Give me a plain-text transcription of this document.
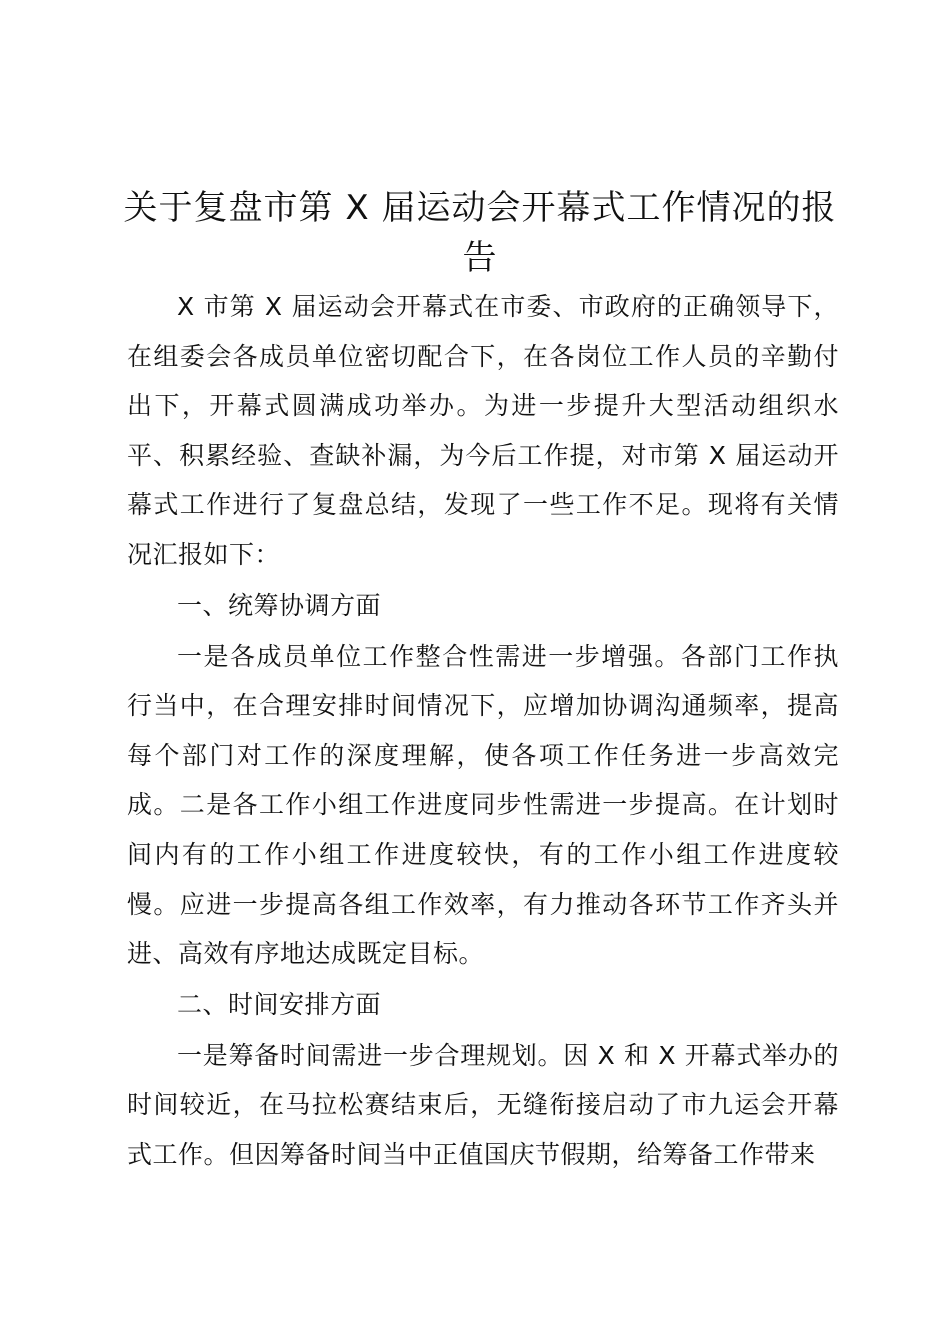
关于复盘市第 X 届运动会开幕式工作情况的报告

X 市第 X 届运动会开幕式在市委、市政府的正确领导下，在组委会各成员单位密切配合下，在各岗位工作人员的辛勤付出下，开幕式圆满成功举办。为进一步提升大型活动组织水平、积累经验、查缺补漏，为今后工作提，对市第 X 届运动开幕式工作进行了复盘总结，发现了一些工作不足。现将有关情况汇报如下：

一、统筹协调方面

一是各成员单位工作整合性需进一步增强。各部门工作执行当中，在合理安排时间情况下，应增加协调沟通频率，提高每个部门对工作的深度理解，使各项工作任务进一步高效完成。二是各工作小组工作进度同步性需进一步提高。在计划时间内有的工作小组工作进度较快，有的工作小组工作进度较慢。应进一步提高各组工作效率，有力推动各环节工作齐头并进、高效有序地达成既定目标。

二、时间安排方面

一是筹备时间需进一步合理规划。因 X 和 X 开幕式举办的时间较近，在马拉松赛结束后，无缝衔接启动了市九运会开幕式工作。但因筹备时间当中正值国庆节假期，给筹备工作带来
